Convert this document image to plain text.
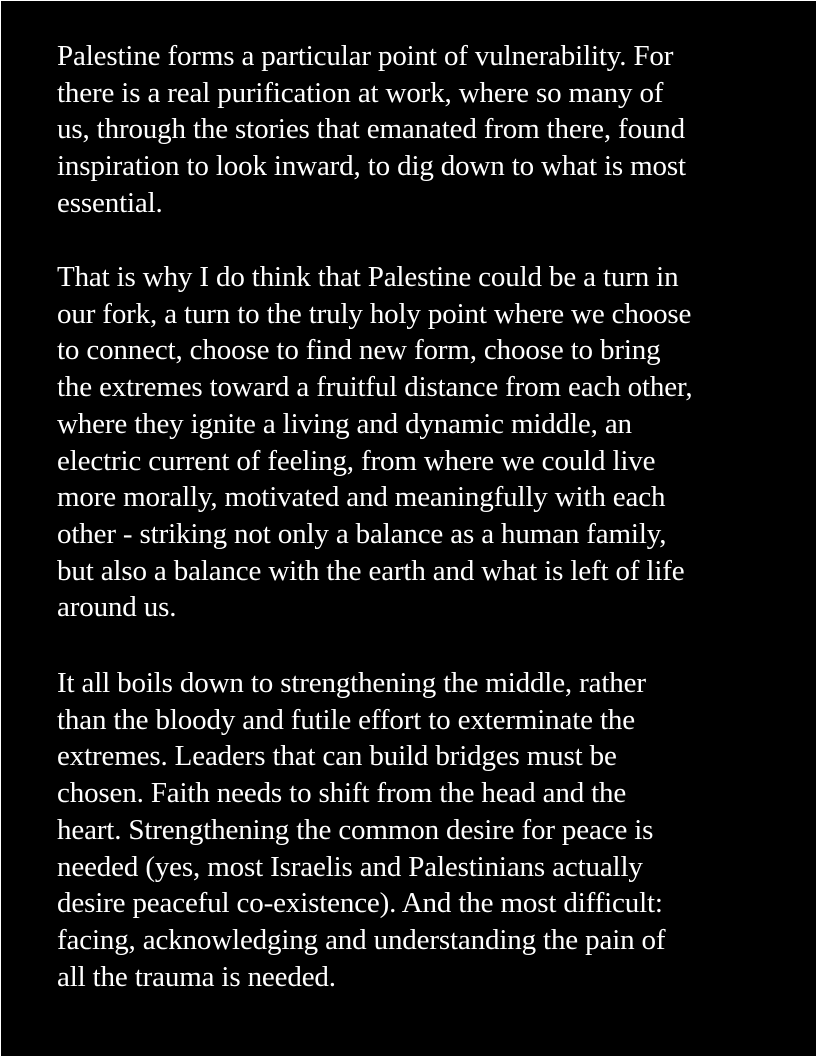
Palestine forms a particular point of vulnerability. For
there is a real purification at work, where so many of
us, through the stories that emanated from there, found
inspiration to look inward, to dig down to what is most
essential.

That is why I do think that Palestine could be a turn in
our fork, a turn to the truly holy point where we choose
to connect, choose to find new form, choose to bring
the extremes toward a fruitful distance from each other,
where they ignite a living and dynamic middle, an
electric current of feeling, from where we could live
more morally, motivated and meaningfully with each
other - striking not only a balance as a human family,
but also a balance with the earth and what is left of life
around us.

It all boils down to strengthening the middle, rather
than the bloody and futile effort to exterminate the
extremes. Leaders that can build bridges must be
chosen. Faith needs to shift from the head and the
heart. Strengthening the common desire for peace is
needed (yes, most Israelis and Palestinians actually
desire peaceful co-existence). And the most difficult:
facing, acknowledging and understanding the pain of
all the trauma is needed.
